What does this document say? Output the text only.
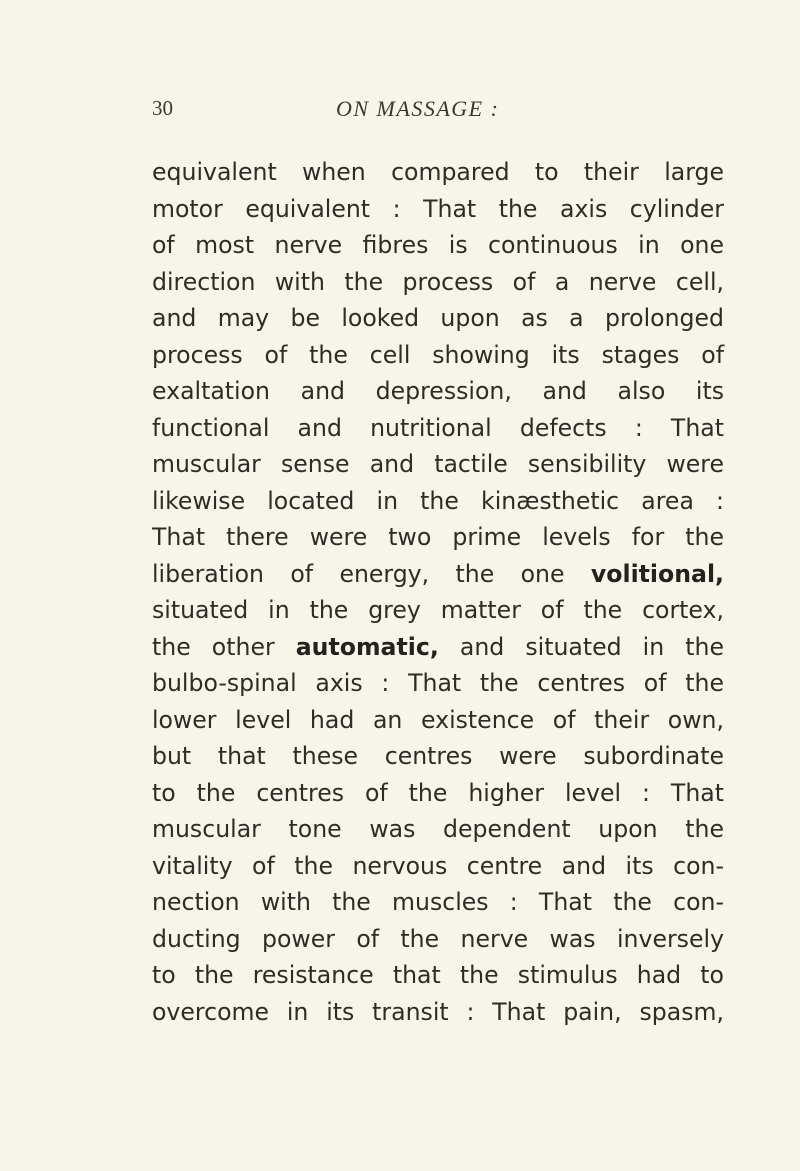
30	ON MASSAGE :
equivalent when compared to their large
motor equivalent : That the axis cylinder
of most nerve fibres is continuous in one
direction with the process of a nerve cell,
and may be looked upon as a prolonged
process of the cell showing its stages of
exaltation and depression, and also its
functional and nutritional defects : That
muscular sense and tactile sensibility were
likewise located in the kinæsthetic area :
That there were two prime levels for the
liberation of energy, the one volitional,
situated in the grey matter of the cortex,
the other automatic, and situated in the
bulbo-spinal axis : That the centres of the
lower level had an existence of their own,
but that these centres were subordinate
to the centres of the higher level : That
muscular tone was dependent upon the
vitality of the nervous centre and its con-
nection with the muscles : That the con-
ducting power of the nerve was inversely
to the resistance that the stimulus had to
overcome in its transit : That pain, spasm,
